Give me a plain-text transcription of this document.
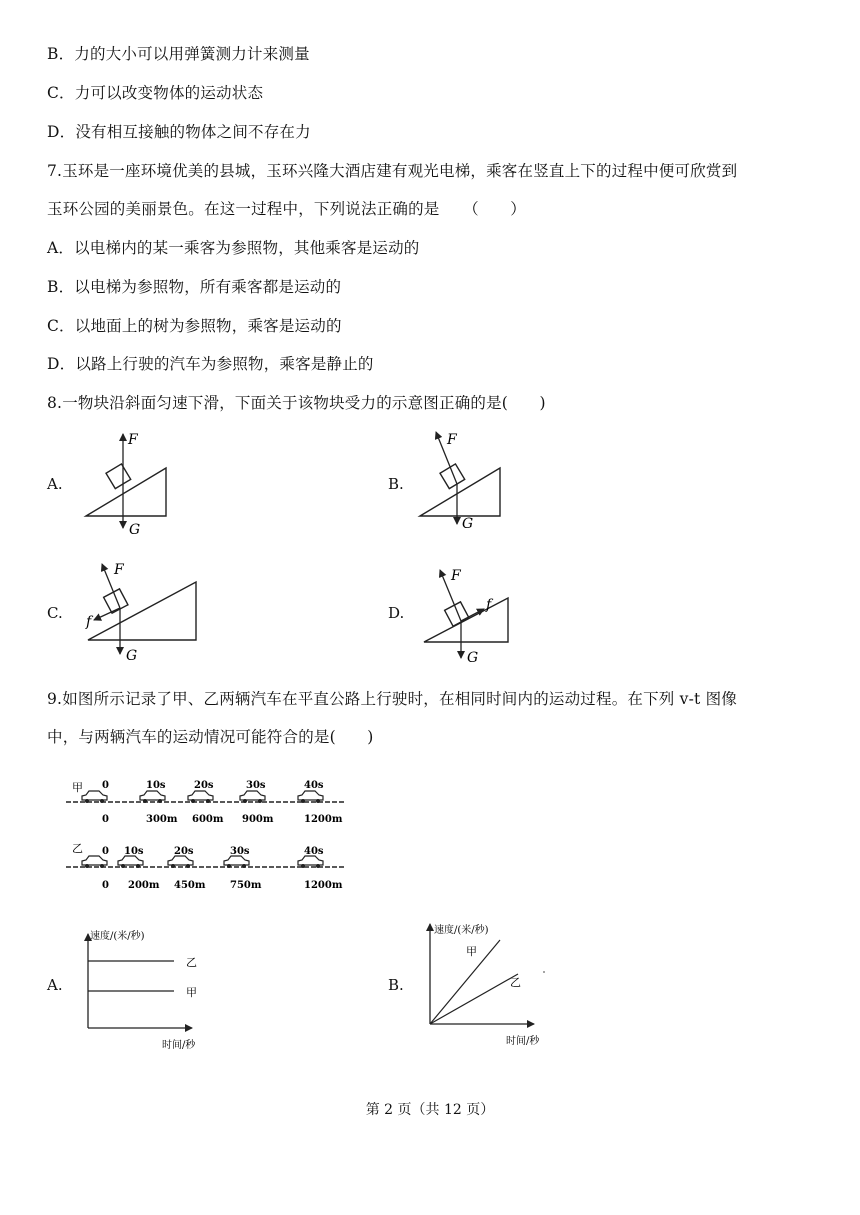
B．力的大小可以用弹簧测力计来测量
C．力可以改变物体的运动状态
D．没有相互接触的物体之间不存在力
7.玉环是一座环境优美的县城，玉环兴隆大酒店建有观光电梯，乘客在竖直上下的过程中便可欣赏到
玉环公园的美丽景色。在这一过程中，下列说法正确的是　　（　　）
A．以电梯内的某一乘客为参照物，其他乘客是运动的
B．以电梯为参照物，所有乘客都是运动的
C．以地面上的树为参照物，乘客是运动的
D．以路上行驶的汽车为参照物，乘客是静止的
8.一物块沿斜面匀速下滑，下面关于该物块受力的示意图正确的是(　　)
A.	B.
C.	D.
F
G
F
G
F
G
f
F
G
f
9.如图所示记录了甲、乙两辆汽车在平直公路上行驶时，在相同时间内的运动过程。在下列 v-t 图像
中，与两辆汽车的运动情况可能符合的是(　　)
甲 0	10s	20s	30s	40s
0	300m 600m 900m	1200m
乙 0 10s	20s	30s	40s
0 200m 450m 750m	1200m
A.	B.
速度/(米/秒)
时间/秒
乙
甲
速度/(米/秒)
时间/秒
甲
乙
第 2 页（共 12 页）
